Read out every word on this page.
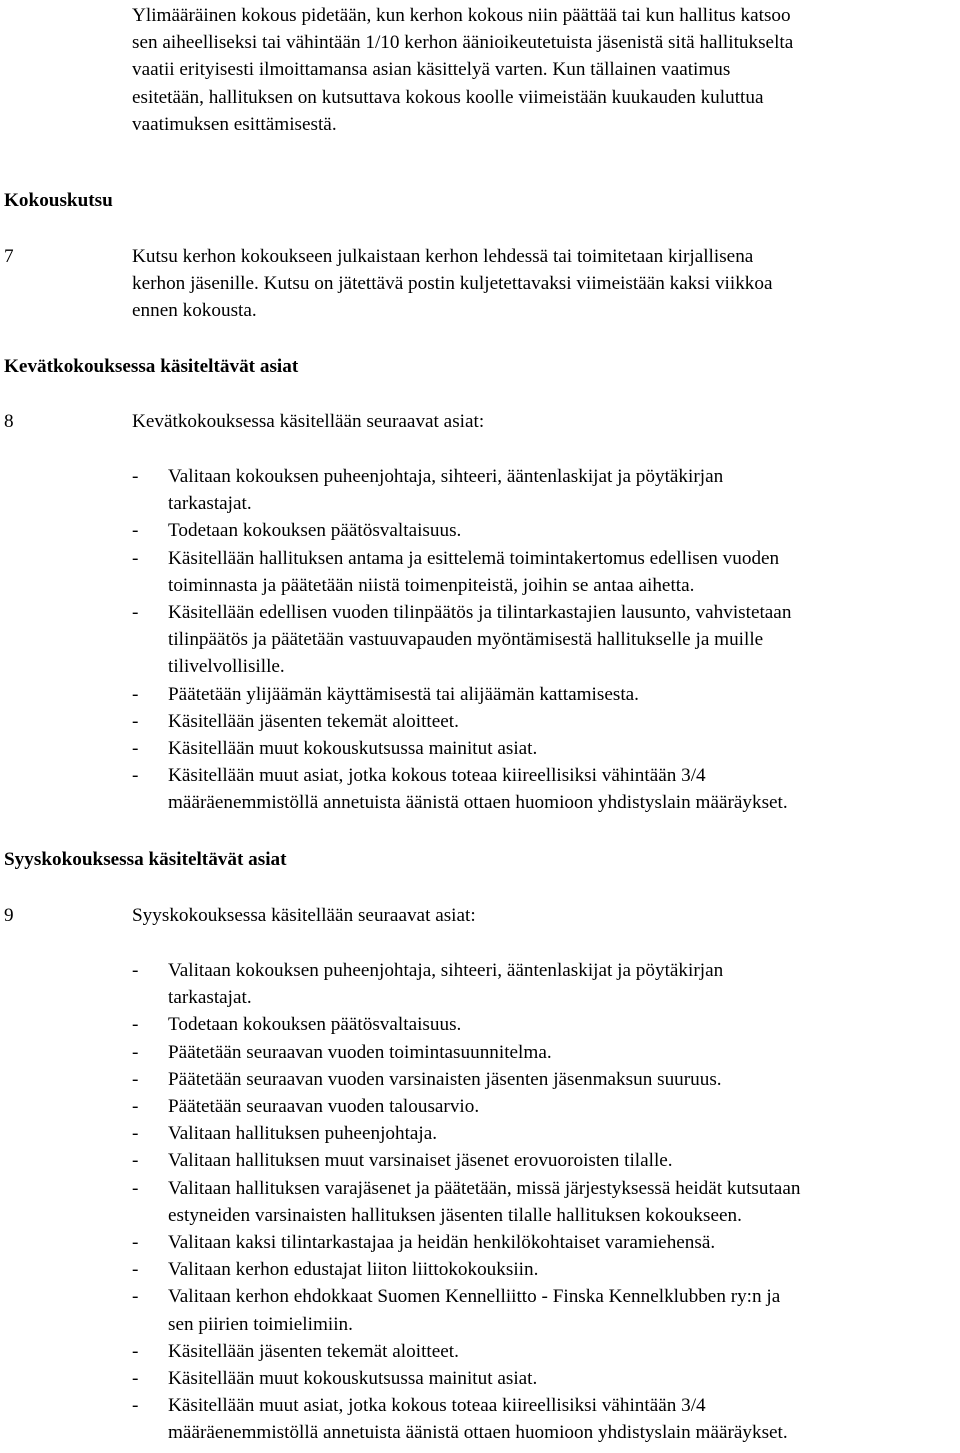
Ylimääräinen kokous pidetään, kun kerhon kokous niin päättää tai kun hallitus katsoo

sen aiheelliseksi tai vähintään 1/10 kerhon äänioikeutetuista jäsenistä sitä hallitukselta

vaatii erityisesti ilmoittamansa asian käsittelyä varten. Kun tällainen vaatimus

esitetään, hallituksen on kutsuttava kokous koolle viimeistään kuukauden kuluttua

vaatimuksen esittämisestä.

Kokouskutsu
7	Kutsu kerhon kokoukseen julkaistaan kerhon lehdessä tai toimitetaan kirjallisena

kerhon jäsenille. Kutsu on jätettävä postin kuljetettavaksi viimeistään kaksi viikkoa

ennen kokousta.

Kevätkokouksessa käsiteltävät asiat
8	Kevätkokouksessa käsitellään seuraavat asiat:

- Valitaan kokouksen puheenjohtaja, sihteeri, ääntenlaskijat ja pöytäkirjan
tarkastajat.
- Todetaan kokouksen päätösvaltaisuus.
- Käsitellään hallituksen antama ja esittelemä toimintakertomus edellisen vuoden
toiminnasta ja päätetään niistä toimenpiteistä, joihin se antaa aihetta.
- Käsitellään edellisen vuoden tilinpäätös ja tilintarkastajien lausunto, vahvistetaan
tilinpäätös ja päätetään vastuuvapauden myöntämisestä hallitukselle ja muille
tilivelvollisille.
- Päätetään ylijäämän käyttämisestä tai alijäämän kattamisesta.
- Käsitellään jäsenten tekemät aloitteet.
- Käsitellään muut kokouskutsussa mainitut asiat.
- Käsitellään muut asiat, jotka kokous toteaa kiireellisiksi vähintään 3/4
määräenemmistöllä annetuista äänistä ottaen huomioon yhdistyslain määräykset.
Syyskokouksessa käsiteltävät asiat
9	Syyskokouksessa käsitellään seuraavat asiat:

- Valitaan kokouksen puheenjohtaja, sihteeri, ääntenlaskijat ja pöytäkirjan
tarkastajat.
- Todetaan kokouksen päätösvaltaisuus.
- Päätetään seuraavan vuoden toimintasuunnitelma.
- Päätetään seuraavan vuoden varsinaisten jäsenten jäsenmaksun suuruus.
- Päätetään seuraavan vuoden talousarvio.
- Valitaan hallituksen puheenjohtaja.
- Valitaan hallituksen muut varsinaiset jäsenet erovuoroisten tilalle.
- Valitaan hallituksen varajäsenet ja päätetään, missä järjestyksessä heidät kutsutaan
estyneiden varsinaisten hallituksen jäsenten tilalle hallituksen kokoukseen.
- Valitaan kaksi tilintarkastajaa ja heidän henkilökohtaiset varamiehensä.
- Valitaan kerhon edustajat liiton liittokokouksiin.
- Valitaan kerhon ehdokkaat Suomen Kennelliitto - Finska Kennelklubben ry:n ja
sen piirien toimielimiin.
- Käsitellään jäsenten tekemät aloitteet.
- Käsitellään muut kokouskutsussa mainitut asiat.
- Käsitellään muut asiat, jotka kokous toteaa kiireellisiksi vähintään 3/4
määräenemmistöllä annetuista äänistä ottaen huomioon yhdistyslain määräykset.
